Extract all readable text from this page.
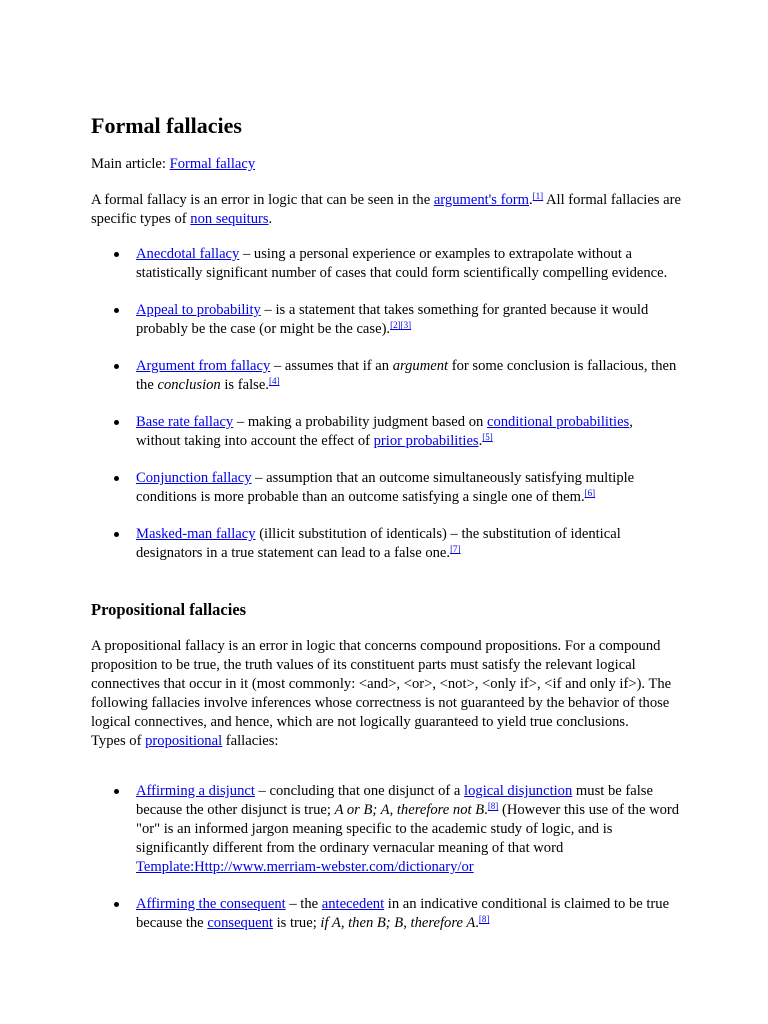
Formal fallacies

Main article: Formal fallacy

A formal fallacy is an error in logic that can be seen in the argument's form.[1] All formal fallacies are specific types of non sequiturs.

Anecdotal fallacy – using a personal experience or examples to extrapolate without a statistically significant number of cases that could form scientifically compelling evidence.
Appeal to probability – is a statement that takes something for granted because it would probably be the case (or might be the case).[2][3]
Argument from fallacy – assumes that if an argument for some conclusion is fallacious, then the conclusion is false.[4]
Base rate fallacy – making a probability judgment based on conditional probabilities, without taking into account the effect of prior probabilities.[5]
Conjunction fallacy – assumption that an outcome simultaneously satisfying multiple conditions is more probable than an outcome satisfying a single one of them.[6]
Masked-man fallacy (illicit substitution of identicals) – the substitution of identical designators in a true statement can lead to a false one.[7]
Propositional fallacies

A propositional fallacy is an error in logic that concerns compound propositions. For a compound proposition to be true, the truth values of its constituent parts must satisfy the relevant logical connectives that occur in it (most commonly: <and>, <or>, <not>, <only if>, <if and only if>). The following fallacies involve inferences whose correctness is not guaranteed by the behavior of those logical connectives, and hence, which are not logically guaranteed to yield true conclusions.
Types of propositional fallacies:

Affirming a disjunct – concluding that one disjunct of a logical disjunction must be false because the other disjunct is true; A or B; A, therefore not B.[8] (However this use of the word "or" is an informed jargon meaning specific to the academic study of logic, and is significantly different from the ordinary vernacular meaning of that word Template:Http://www.merriam-webster.com/dictionary/or
Affirming the consequent – the antecedent in an indicative conditional is claimed to be true because the consequent is true; if A, then B; B, therefore A.[8]
